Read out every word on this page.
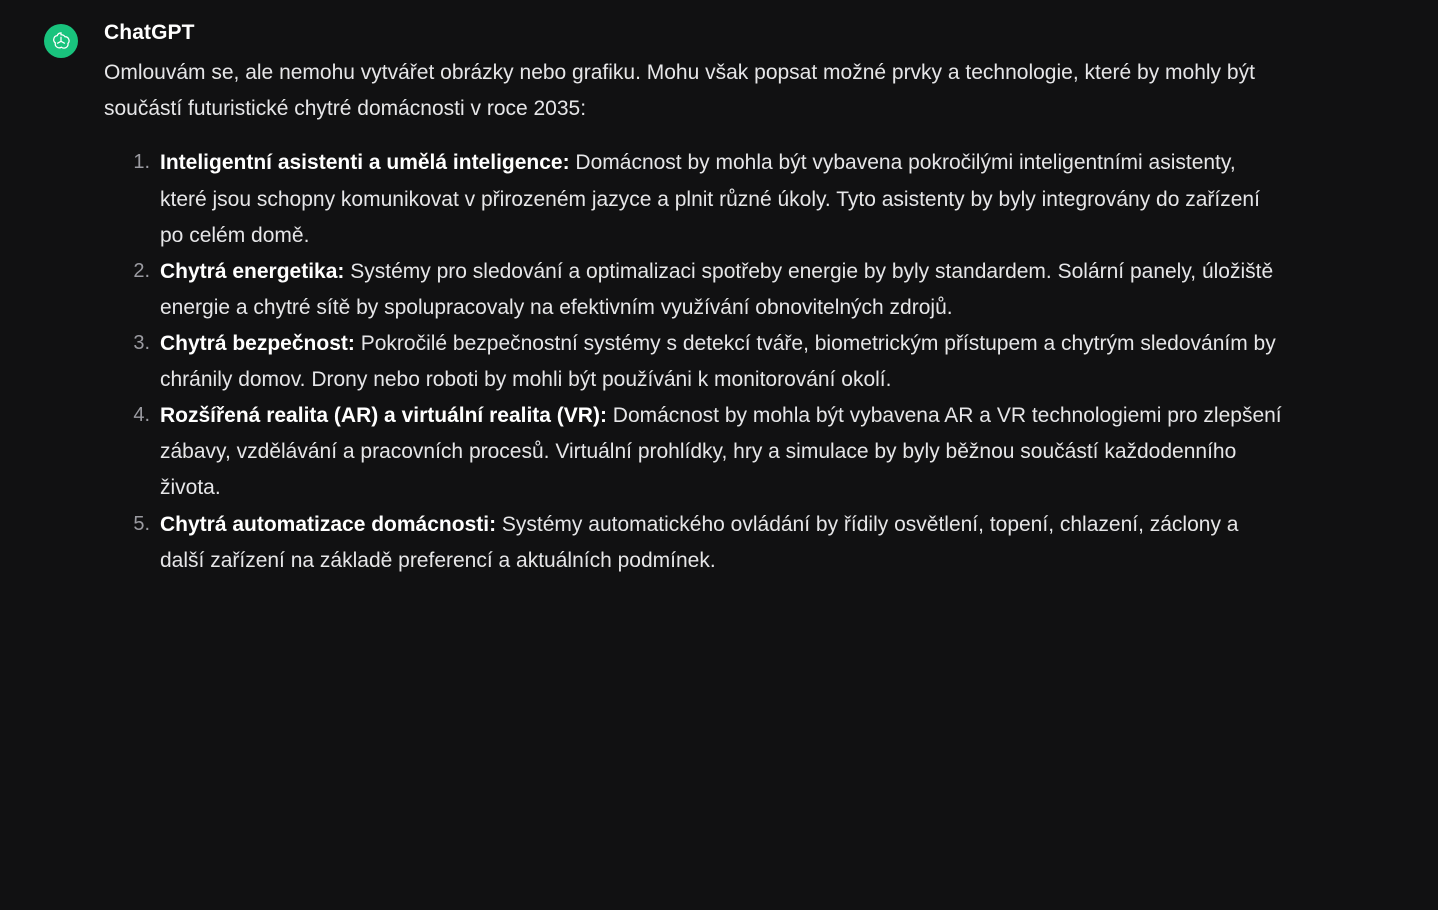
ChatGPT

Omlouvám se, ale nemohu vytvářet obrázky nebo grafiku. Mohu však popsat možné prvky a technologie, které by mohly být součástí futuristické chytré domácnosti v roce 2035:

Inteligentní asistenti a umělá inteligence: Domácnost by mohla být vybavena pokročilými inteligentními asistenty, které jsou schopny komunikovat v přirozeném jazyce a plnit různé úkoly. Tyto asistenty by byly integrovány do zařízení po celém domě.
Chytrá energetika: Systémy pro sledování a optimalizaci spotřeby energie by byly standardem. Solární panely, úložiště energie a chytré sítě by spolupracovaly na efektivním využívání obnovitelných zdrojů.
Chytrá bezpečnost: Pokročilé bezpečnostní systémy s detekcí tváře, biometrickým přístupem a chytrým sledováním by chránily domov. Drony nebo roboti by mohli být používáni k monitorování okolí.
Rozšířená realita (AR) a virtuální realita (VR): Domácnost by mohla být vybavena AR a VR technologiemi pro zlepšení zábavy, vzdělávání a pracovních procesů. Virtuální prohlídky, hry a simulace by byly běžnou součástí každodenního života.
Chytrá automatizace domácnosti: Systémy automatického ovládání by řídily osvětlení, topení, chlazení, záclony a další zařízení na základě preferencí a aktuálních podmínek.
